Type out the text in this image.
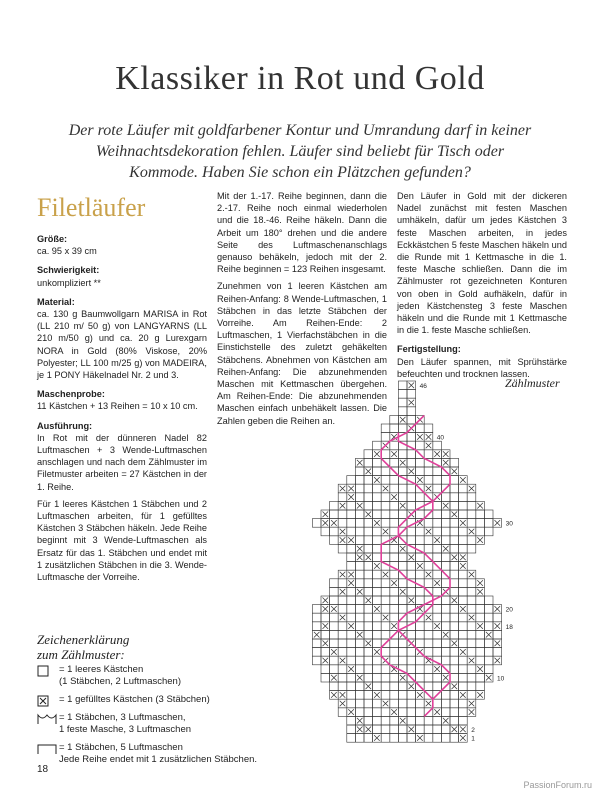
Klassiker in Rot und Gold
Der rote Läufer mit goldfarbener Kontur und Umrandung darf in keiner Weihnachtsdekoration fehlen. Läufer sind beliebt für Tisch oder Kommode. Haben Sie schon ein Plätzchen gefunden?
Filetläufer
Größe:

ca. 95 x 39 cm

Schwierigkeit:

unkompliziert **

Material:

ca. 130 g Baumwollgarn MARISA in Rot (LL 210 m/ 50 g) von LANGYARNS (LL 210 m/50 g) und ca. 20 g Lurexgarn NORA in Gold (80% Viskose, 20% Polyester; LL 100 m/25 g) von MADEIRA, je 1 PONY Häkelnadel Nr. 2 und 3.

Maschenprobe:

11 Kästchen + 13 Reihen = 10 x 10 cm.

Ausführung:

In Rot mit der dünneren Nadel 82 Luftmaschen + 3 Wende-Luftmaschen anschlagen und nach dem Zählmuster im Filetmuster arbeiten = 27 Kästchen in der 1. Reihe.

Für 1 leeres Kästchen 1 Stäbchen und 2 Luftmaschen arbeiten, für 1 gefülltes Kästchen 3 Stäbchen häkeln. Jede Reihe beginnt mit 3 Wende-Luftmaschen als Ersatz für das 1. Stäbchen und endet mit 1 zusätzlichen Stäbchen in die 3. Wende-Luftmasche der Vorreihe.

Mit der 1.-17. Reihe beginnen, dann die 2.-17. Reihe noch einmal wiederholen und die 18.-46. Reihe häkeln. Dann die Arbeit um 180° drehen und die andere Seite des Luftmaschenanschlags genauso behäkeln, jedoch mit der 2. Reihe beginnen = 123 Reihen insgesamt.

Zunehmen von 1 leeren Kästchen am Reihen-Anfang: 8 Wende-Luftmaschen, 1 Stäbchen in das letzte Stäbchen der Vorreihe. Am Reihen-Ende: 2 Luftmaschen, 1 Vierfachstäbchen in die Einstichstelle des zuletzt gehäkelten Stäbchens. Abnehmen von Kästchen am Reihen-Anfang: Die abzunehmenden Maschen mit Kettmaschen übergehen. Am Reihen-Ende: Die abzunehmenden Maschen einfach unbehäkelt lassen. Die Zahlen geben die Reihen an.

Den Läufer in Gold mit der dickeren Nadel zunächst mit festen Maschen umhäkeln, dafür um jedes Kästchen 3 feste Maschen arbeiten, in jedes Eckkästchen 5 feste Maschen häkeln und die Runde mit 1 Kettmasche in die 1. feste Masche schließen. Dann die im Zählmuster rot gezeichneten Konturen von oben in Gold aufhäkeln, dafür in jeden Kästchensteg 3 feste Maschen häkeln und die Runde mit 1 Kettmasche in die 1. feste Masche schließen.

Fertigstellung:

Den Läufer spannen, mit Sprühstärke befeuchten und trocknen lassen.

Zählmuster
46
40
30
20
18
10
2
1
Zeichenerklärung
zum Zählmuster:
= 1 leeres Kästchen
(1 Stäbchen, 2 Luftmaschen)
= 1 gefülltes Kästchen (3 Stäbchen)
= 1 Stäbchen, 3 Luftmaschen,
1 feste Masche, 3 Luftmaschen
= 1 Stäbchen, 5 Luftmaschen
Jede Reihe endet mit 1 zusätzlichen Stäbchen.
18
PassionForum.ru
